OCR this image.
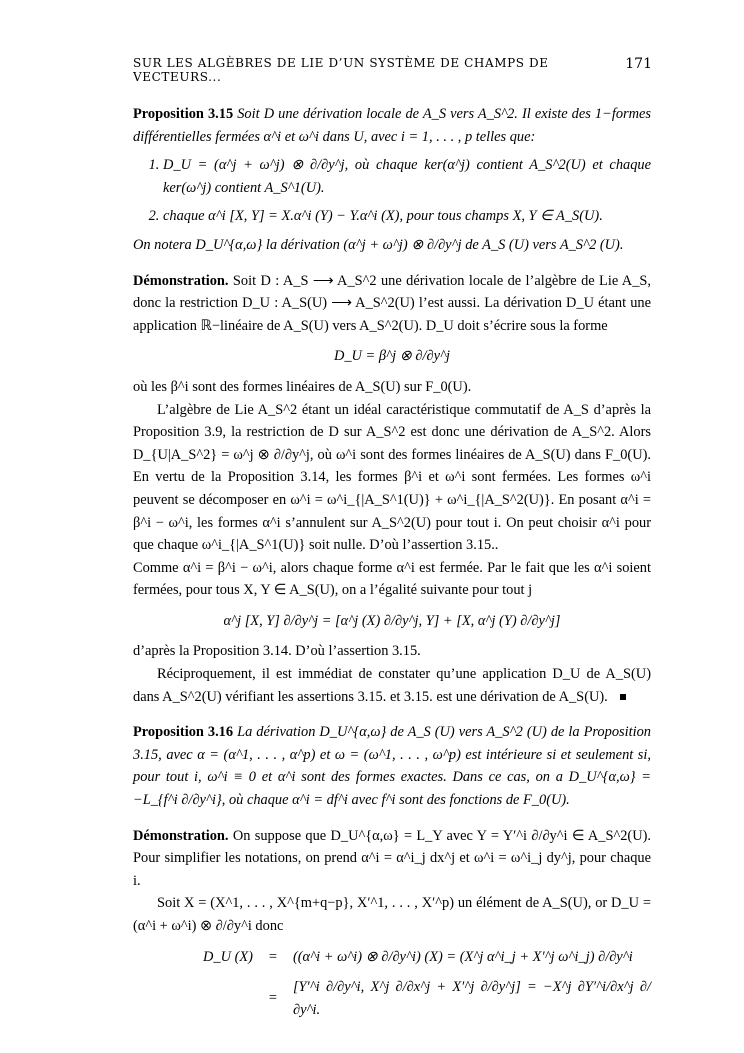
SUR LES ALGÈBRES DE LIE D’UN SYSTÈME DE CHAMPS DE VECTEURS...
171

Proposition 3.15 Soit D une dérivation locale de A_S vers A_S^2. Il existe des 1−formes différentielles fermées α^i et ω^i dans U, avec i = 1, . . . , p telles que:

1. D_U = (α^j + ω^j) ⊗ ∂/∂y^j, où chaque ker(α^j) contient A_S^2(U) et chaque ker(ω^j) contient A_S^1(U).
2. chaque α^i [X, Y] = X.α^i (Y) − Y.α^i (X), pour tous champs X, Y ∈ A_S(U).

On notera D_U^{α,ω} la dérivation (α^j + ω^j) ⊗ ∂/∂y^j de A_S (U) vers A_S^2 (U).

Démonstration. Soit D : A_S ⟶ A_S^2 une dérivation locale de l’algèbre de Lie A_S, donc la restriction D_U : A_S(U) ⟶ A_S^2(U) l’est aussi. La dérivation D_U étant une application ℝ−linéaire de A_S(U) vers A_S^2(U). D_U doit s’écrire sous la forme

D_U = β^j ⊗ ∂/∂y^j

où les β^i sont des formes linéaires de A_S(U) sur F_0(U).

L’algèbre de Lie A_S^2 étant un idéal caractéristique commutatif de A_S d’après la Proposition 3.9, la restriction de D sur A_S^2 est donc une dérivation de A_S^2. Alors D_{U|A_S^2} = ω^j ⊗ ∂/∂y^j, où ω^i sont des formes linéaires de A_S(U) dans F_0(U). En vertu de la Proposition 3.14, les formes β^i et ω^i sont fermées. Les formes ω^i peuvent se décomposer en ω^i = ω^i_{|A_S^1(U)} + ω^i_{|A_S^2(U)}. En posant α^i = β^i − ω^i, les formes α^i s’annulent sur A_S^2(U) pour tout i. On peut choisir α^i pour que chaque ω^i_{|A_S^1(U)} soit nulle. D’où l’assertion 3.15..

Comme α^i = β^i − ω^i, alors chaque forme α^i est fermée. Par le fait que les α^i soient fermées, pour tous X, Y ∈ A_S(U), on a l’égalité suivante pour tout j

α^j [X, Y] ∂/∂y^j = [α^j (X) ∂/∂y^j, Y] + [X, α^j (Y) ∂/∂y^j]

d’après la Proposition 3.14. D’où l’assertion 3.15.

Réciproquement, il est immédiat de constater qu’une application D_U de A_S(U) dans A_S^2(U) vérifiant les assertions 3.15. et 3.15. est une dérivation de A_S(U).

Proposition 3.16 La dérivation D_U^{α,ω} de A_S (U) vers A_S^2 (U) de la Proposition 3.15, avec α = (α^1, . . . , α^p) et ω = (ω^1, . . . , ω^p) est intérieure si et seulement si, pour tout i, ω^i ≡ 0 et α^i sont des formes exactes. Dans ce cas, on a D_U^{α,ω} = −L_{f^i ∂/∂y^i}, où chaque α^i = df^i avec f^i sont des fonctions de F_0(U).

Démonstration. On suppose que D_U^{α,ω} = L_Y avec Y = Y′^i ∂/∂y^i ∈ A_S^2(U). Pour simplifier les notations, on prend α^i = α^i_j dx^j et ω^i = ω^i_j dy^j, pour chaque i.

Soit X = (X^1, . . . , X^{m+q−p}, X′^1, . . . , X′^p) un élément de A_S(U), or D_U = (α^i + ω^i) ⊗ ∂/∂y^i donc

D_U (X)	=	((α^i + ω^i) ⊗ ∂/∂y^i) (X) = (X^j α^i_j + X′^j ω^i_j) ∂/∂y^i
=
[Y′^i ∂/∂y^i, X^j ∂/∂x^j + X′^j ∂/∂y^j] = −X^j ∂Y′^i/∂x^j ∂/∂y^i.
